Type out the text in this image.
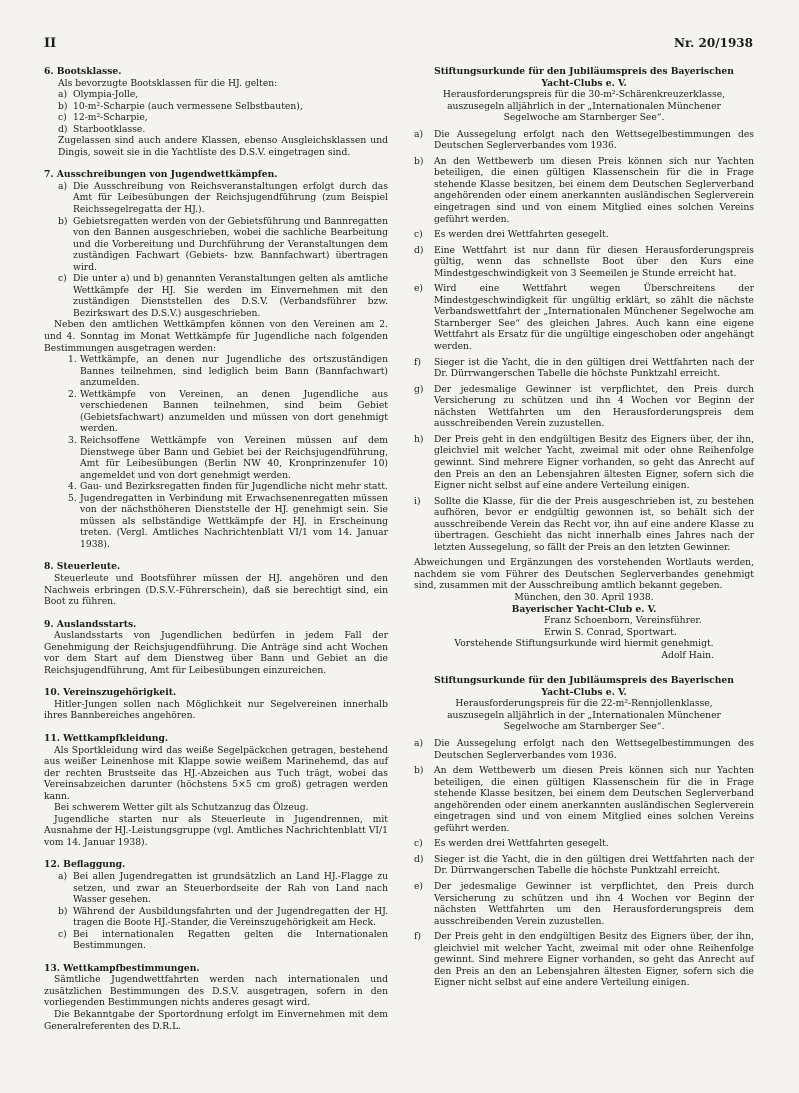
II	Nr. 20/1938
6. Bootsklasse.
Als bevorzugte Bootsklassen für die HJ. gelten:
a) Olympia-Jolle,
b) 10-m²-Scharpie (auch vermessene Selbstbauten),
c) 12-m²-Scharpie,
d) Starbootklasse.
Zugelassen sind auch andere Klassen, ebenso Ausgleichsklassen und Dingis, soweit sie in die Yachtliste des D.S.V. eingetragen sind.
7. Ausschreibungen von Jugendwettkämpfen.
a) Die Ausschreibung von Reichsveranstaltungen erfolgt durch das Amt für Leibesübungen der Reichsjugendführung (zum Beispiel Reichssegelregatta der HJ.).
b) Gebietsregatten werden von der Gebietsführung und Bannregatten von den Bannen ausgeschrieben, wobei die sachliche Bearbeitung und die Vorbereitung und Durchführung der Veranstaltungen dem zuständigen Fachwart (Gebiets- bzw. Bannfachwart) übertragen wird.
c) Die unter a) und b) genannten Veranstaltungen gelten als amtliche Wettkämpfe der HJ. Sie werden im Einvernehmen mit den zuständigen Dienststellen des D.S.V. (Verbandsführer bzw. Bezirkswart des D.S.V.) ausgeschrieben.
Neben den amtlichen Wettkämpfen können von den Vereinen am 2. und 4. Sonntag im Monat Wettkämpfe für Jugendliche nach folgenden Bestimmungen ausgetragen werden:
1. Wettkämpfe, an denen nur Jugendliche des ortszuständigen Bannes teilnehmen, sind lediglich beim Bann (Bannfachwart) anzumelden.
2. Wettkämpfe von Vereinen, an denen Jugendliche aus verschiedenen Bannen teilnehmen, sind beim Gebiet (Gebietsfachwart) anzumelden und müssen von dort genehmigt werden.
3. Reichsoffene Wettkämpfe von Vereinen müssen auf dem Dienstwege über Bann und Gebiet bei der Reichsjugendführung, Amt für Leibesübungen (Berlin NW 40, Kronprinzenufer 10) angemeldet und von dort genehmigt werden.
4. Gau- und Bezirksregatten finden für Jugendliche nicht mehr statt.
5. Jugendregatten in Verbindung mit Erwachsenenregatten müssen von der nächsthöheren Dienststelle der HJ. genehmigt sein. Sie müssen als selbständige Wettkämpfe der HJ. in Erscheinung treten. (Vergl. Amtliches Nachrichtenblatt VI/1 vom 14. Januar 1938).
8. Steuerleute.
Steuerleute und Bootsführer müssen der HJ. angehören und den Nachweis erbringen (D.S.V.-Führerschein), daß sie berechtigt sind, ein Boot zu führen.
9. Auslandsstarts.
Auslandsstarts von Jugendlichen bedürfen in jedem Fall der Genehmigung der Reichsjugendführung. Die Anträge sind acht Wochen vor dem Start auf dem Dienstweg über Bann und Gebiet an die Reichsjugendführung, Amt für Leibesübungen einzureichen.
10. Vereinszugehörigkeit.
Hitler-Jungen sollen nach Möglichkeit nur Segelvereinen innerhalb ihres Bannbereiches angehören.
11. Wettkampfkleidung.
Als Sportkleidung wird das weiße Segelpäckchen getragen, bestehend aus weißer Leinenhose mit Klappe sowie weißem Marinehemd, das auf der rechten Brustseite das HJ.-Abzeichen aus Tuch trägt, wobei das Vereinsabzeichen darunter (höchstens 5×5 cm groß) getragen werden kann.
Bei schwerem Wetter gilt als Schutzanzug das Ölzeug.
Jugendliche starten nur als Steuerleute in Jugendrennen, mit Ausnahme der HJ.-Leistungsgruppe (vgl. Amtliches Nachrichtenblatt VI/1 vom 14. Januar 1938).
12. Beflaggung.
a) Bei allen Jugendregatten ist grundsätzlich an Land HJ.-Flagge zu setzen, und zwar an Steuerbordseite der Rah von Land nach Wasser gesehen.
b) Während der Ausbildungsfahrten und der Jugendregatten der HJ. tragen die Boote HJ.-Stander, die Vereinszugehörigkeit am Heck.
c) Bei internationalen Regatten gelten die Internationalen Bestimmungen.
13. Wettkampfbestimmungen.
Sämtliche Jugendwettfahrten werden nach internationalen und zusätzlichen Bestimmungen des D.S.V. ausgetragen, sofern in den vorliegenden Bestimmungen nichts anderes gesagt wird.
Die Bekanntgabe der Sportordnung erfolgt im Einvernehmen mit dem Generalreferenten des D.R.L.
Stiftungsurkunde für den Jubiläumspreis des Bayerischen Yacht-Clubs e. V.
Herausforderungspreis für die 30-m²-Schärenkreuzerklasse, auszusegeln alljährlich in der „Internationalen Münchener Segelwoche am Starnberger See“.
a)	Die Aussegelung erfolgt nach den Wettsegelbestimmungen des Deutschen Seglerverbandes vom 1936.
b)	An den Wettbewerb um diesen Preis können sich nur Yachten beteiligen, die einen gültigen Klassenschein für die in Frage stehende Klasse besitzen, bei einem dem Deutschen Seglerverband angehörenden oder einem anerkannten ausländischen Seglerverein eingetragen sind und von einem Mitglied eines solchen Vereins geführt werden.
c)	Es werden drei Wettfahrten gesegelt.
d)	Eine Wettfahrt ist nur dann für diesen Herausforderungspreis gültig, wenn das schnellste Boot über den Kurs eine Mindestgeschwindigkeit von 3 Seemeilen je Stunde erreicht hat.
e)	Wird eine Wettfahrt wegen Überschreitens der Mindestgeschwindigkeit für ungültig erklärt, so zählt die nächste Verbandswettfahrt der „Internationalen Münchener Segelwoche am Starnberger See“ des gleichen Jahres. Auch kann eine eigene Wettfahrt als Ersatz für die ungültige eingeschoben oder angehängt werden.
f)	Sieger ist die Yacht, die in den gültigen drei Wettfahrten nach der Dr. Dürrwangerschen Tabelle die höchste Punktzahl erreicht.
g)	Der jedesmalige Gewinner ist verpflichtet, den Preis durch Versicherung zu schützen und ihn 4 Wochen vor Beginn der nächsten Wettfahrten um den Herausforderungspreis dem ausschreibenden Verein zuzustellen.
h)	Der Preis geht in den endgültigen Besitz des Eigners über, der ihn, gleichviel mit welcher Yacht, zweimal mit oder ohne Reihenfolge gewinnt. Sind mehrere Eigner vorhanden, so geht das Anrecht auf den Preis an den an Lebensjahren ältesten Eigner, sofern sich die Eigner nicht selbst auf eine andere Verteilung einigen.
i)	Sollte die Klasse, für die der Preis ausgeschrieben ist, zu bestehen aufhören, bevor er endgültig gewonnen ist, so behält sich der ausschreibende Verein das Recht vor, ihn auf eine andere Klasse zu übertragen. Geschieht das nicht innerhalb eines Jahres nach der letzten Aussegelung, so fällt der Preis an den letzten Gewinner.
Abweichungen und Ergänzungen des vorstehenden Wortlauts werden, nachdem sie vom Führer des Deutschen Seglerverbandes genehmigt sind, zusammen mit der Ausschreibung amtlich bekannt gegeben.
München, den 30. April 1938.
Bayerischer Yacht-Club e. V.
Franz Schoenborn, Vereinsführer.
Erwin S. Conrad, Sportwart.
Vorstehende Stiftungsurkunde wird hiermit genehmigt.
Adolf Hain.
Stiftungsurkunde für den Jubiläumspreis des Bayerischen Yacht-Clubs e. V.
Herausforderungspreis für die 22-m²-Rennjollenklasse, auszusegeln alljährlich in der „Internationalen Münchener Segelwoche am Starnberger See“.
a)	Die Aussegelung erfolgt nach den Wettsegelbestimmungen des Deutschen Seglerverbandes vom 1936.
b)	An dem Wettbewerb um diesen Preis können sich nur Yachten beteiligen, die einen gültigen Klassenschein für die in Frage stehende Klasse besitzen, bei einem dem Deutschen Seglerverband angehörenden oder einem anerkannten ausländischen Seglerverein eingetragen sind und von einem Mitglied eines solchen Vereins geführt werden.
c)	Es werden drei Wettfahrten gesegelt.
d)	Sieger ist die Yacht, die in den gültigen drei Wettfahrten nach der Dr. Dürrwangerschen Tabelle die höchste Punktzahl erreicht.
e)	Der jedesmalige Gewinner ist verpflichtet, den Preis durch Versicherung zu schützen und ihn 4 Wochen vor Beginn der nächsten Wettfahrten um den Herausforderungspreis dem ausschreibenden Verein zuzustellen.
f)	Der Preis geht in den endgültigen Besitz des Eigners über, der ihn, gleichviel mit welcher Yacht, zweimal mit oder ohne Reihenfolge gewinnt. Sind mehrere Eigner vorhanden, so geht das Anrecht auf den Preis an den an Lebensjahren ältesten Eigner, sofern sich die Eigner nicht selbst auf eine andere Verteilung einigen.
